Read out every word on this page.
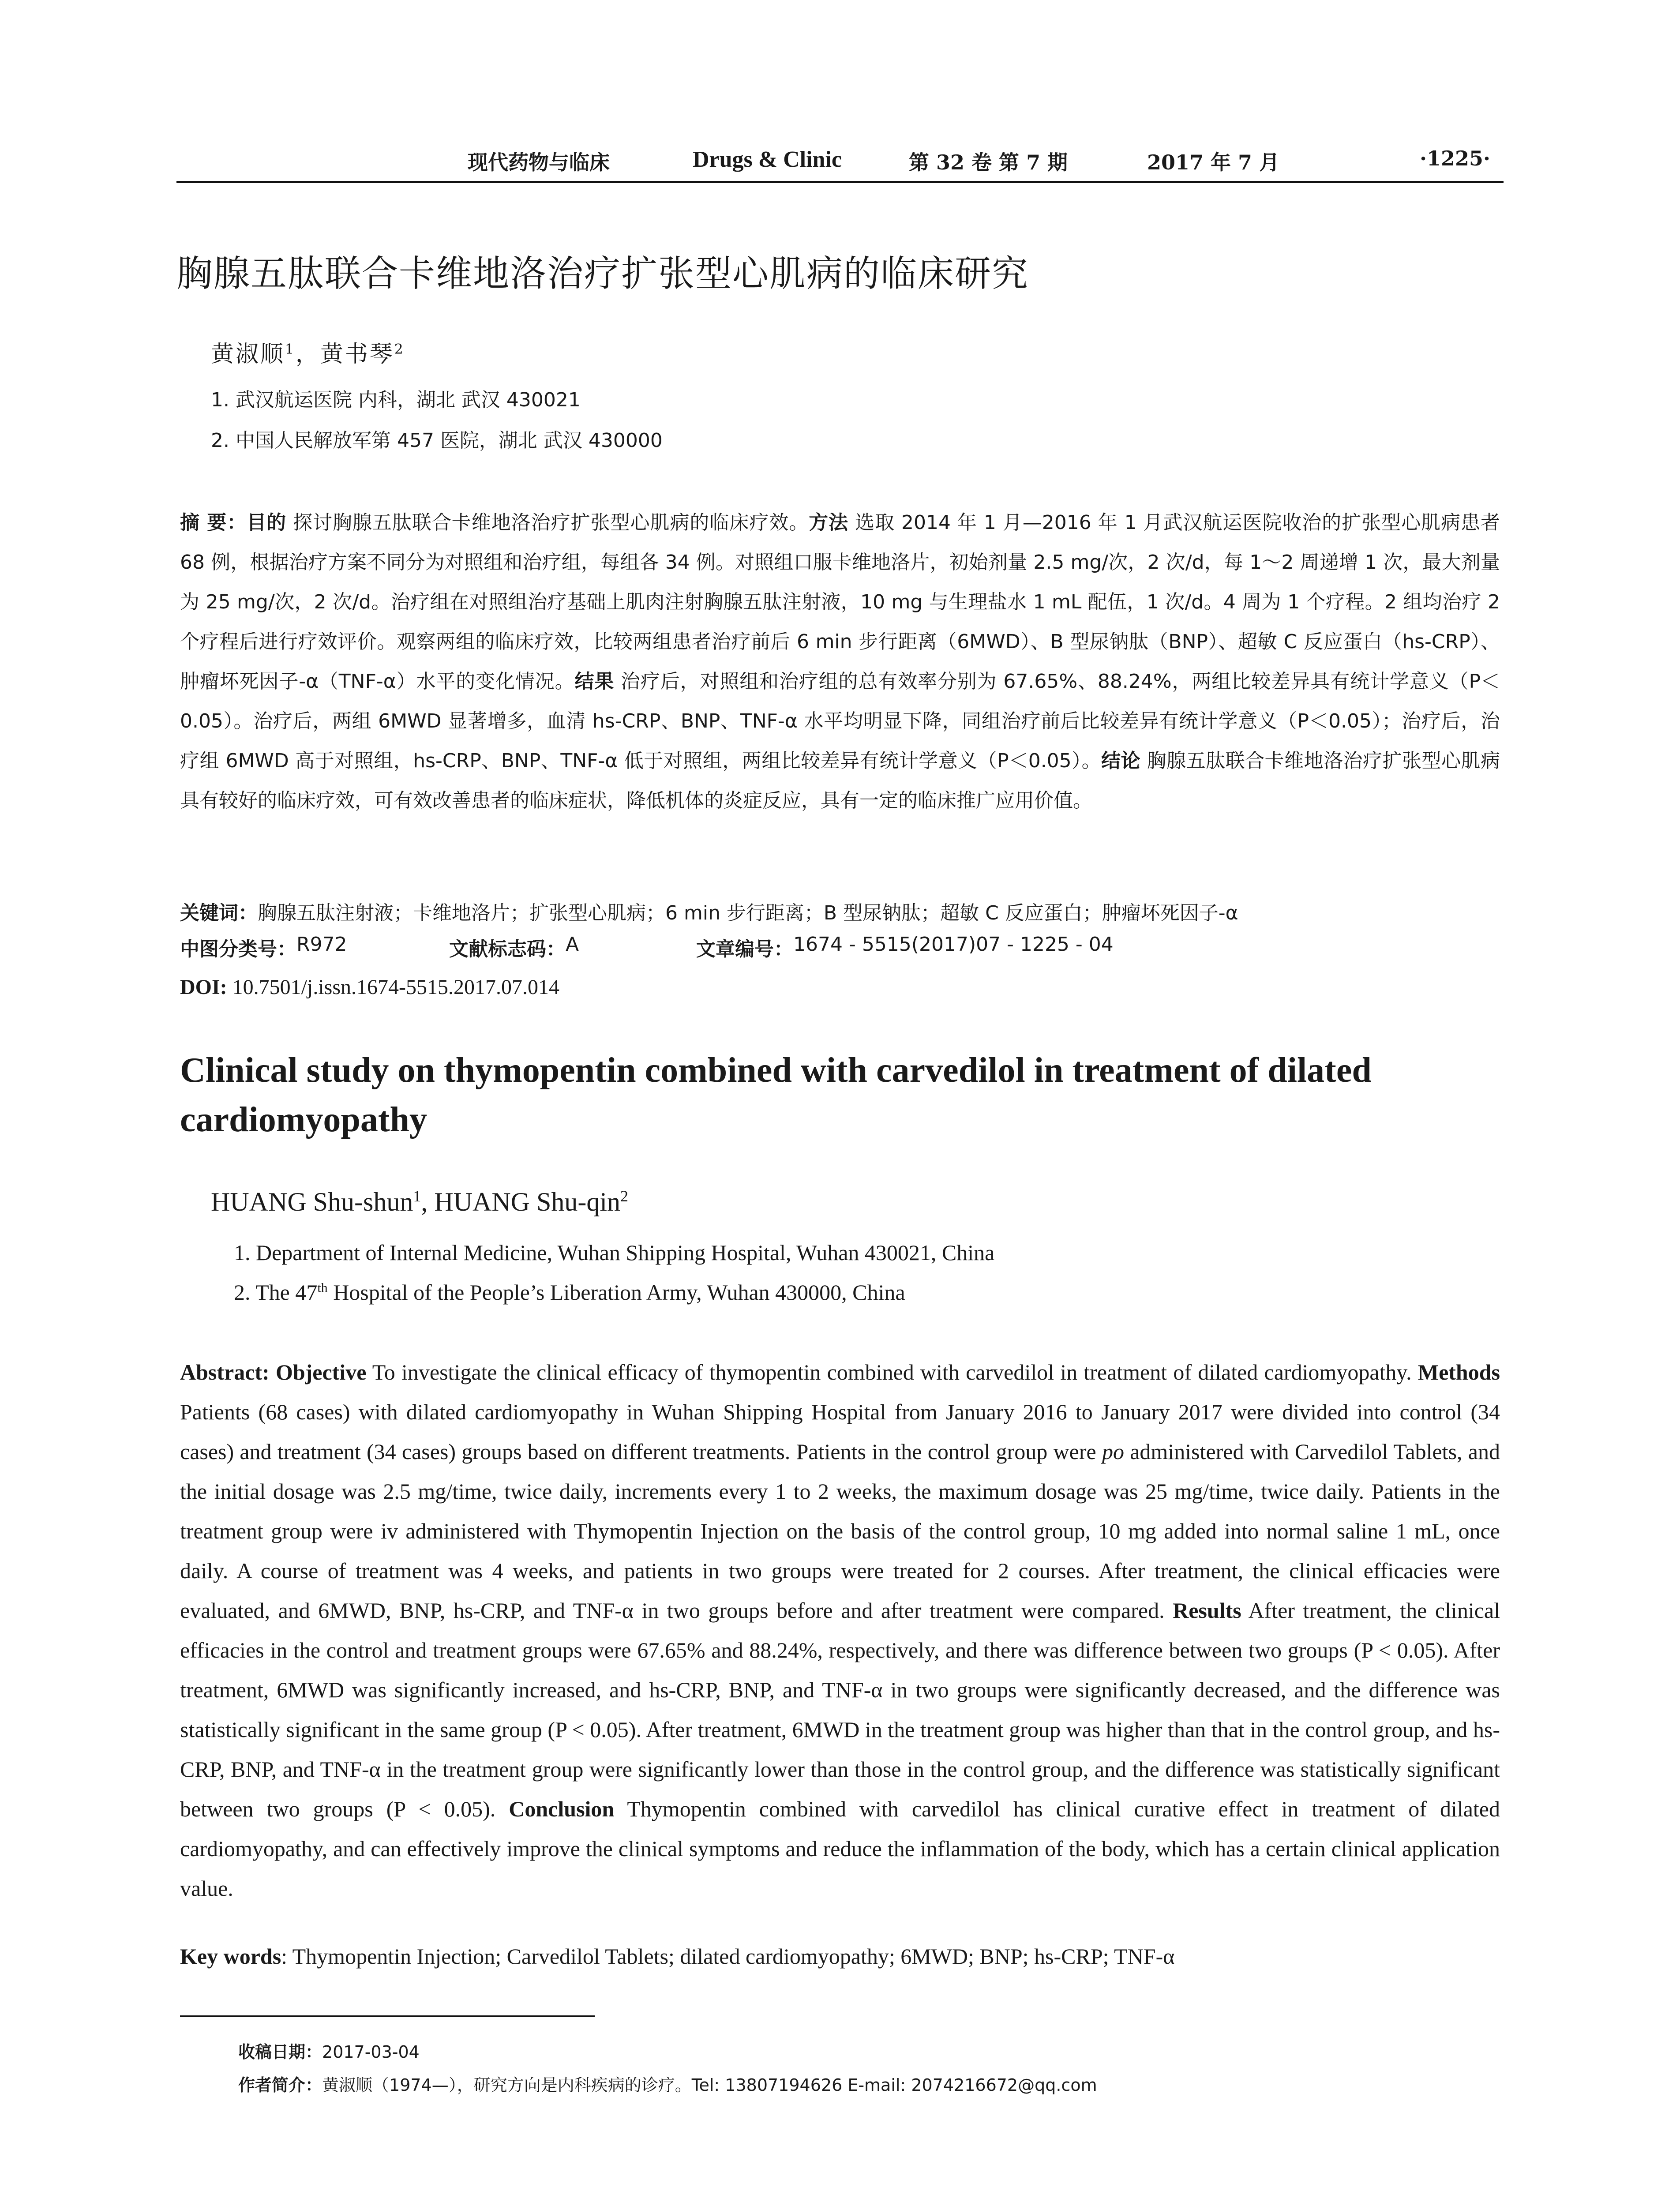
现代药物与临床	Drugs & Clinic	第 32 卷 第 7 期	2017 年 7 月	·1225·
胸腺五肽联合卡维地洛治疗扩张型心肌病的临床研究
黄淑顺$^1$，黄书琴$^2$
1. 武汉航运医院 内科，湖北 武汉 430021
2. 中国人民解放军第 457 医院，湖北 武汉 430000
摘 要：目的 探讨胸腺五肽联合卡维地洛治疗扩张型心肌病的临床疗效。方法 选取 2014 年 1 月—2016 年 1 月武汉航运医院收治的扩张型心肌病患者 68 例，根据治疗方案不同分为对照组和治疗组，每组各 34 例。对照组口服卡维地洛片，初始剂量 2.5 mg/次，2 次/d，每 1～2 周递增 1 次，最大剂量为 25 mg/次，2 次/d。治疗组在对照组治疗基础上肌肉注射胸腺五肽注射液，10 mg 与生理盐水 1 mL 配伍，1 次/d。4 周为 1 个疗程。2 组均治疗 2 个疗程后进行疗效评价。观察两组的临床疗效，比较两组患者治疗前后 6 min 步行距离（6MWD）、B 型尿钠肽（BNP）、超敏 C 反应蛋白（hs-CRP）、肿瘤坏死因子-α（TNF-α）水平的变化情况。结果 治疗后，对照组和治疗组的总有效率分别为 67.65%、88.24%，两组比较差异具有统计学意义（P＜0.05）。治疗后，两组 6MWD 显著增多，血清 hs-CRP、BNP、TNF-α 水平均明显下降，同组治疗前后比较差异有统计学意义（P＜0.05）；治疗后，治疗组 6MWD 高于对照组，hs-CRP、BNP、TNF-α 低于对照组，两组比较差异有统计学意义（P＜0.05）。结论 胸腺五肽联合卡维地洛治疗扩张型心肌病具有较好的临床疗效，可有效改善患者的临床症状，降低机体的炎症反应，具有一定的临床推广应用价值。
关键词：胸腺五肽注射液；卡维地洛片；扩张型心肌病；6 min 步行距离；B 型尿钠肽；超敏 C 反应蛋白；肿瘤坏死因子-α
中图分类号： R972	文献标志码： A	文章编号： 1674 - 5515(2017)07 - 1225 - 04
DOI: 10.7501/j.issn.1674-5515.2017.07.014
Clinical study on thymopentin combined with carvedilol in treatment of dilated cardiomyopathy
HUANG Shu-shun$^1$, HUANG Shu-qin$^2$
1. Department of Internal Medicine, Wuhan Shipping Hospital, Wuhan 430021, China
2. The 47th Hospital of the People’s Liberation Army, Wuhan 430000, China
Abstract: Objective To investigate the clinical efficacy of thymopentin combined with carvedilol in treatment of dilated cardiomyopathy. Methods Patients (68 cases) with dilated cardiomyopathy in Wuhan Shipping Hospital from January 2016 to January 2017 were divided into control (34 cases) and treatment (34 cases) groups based on different treatments. Patients in the control group were po administered with Carvedilol Tablets, and the initial dosage was 2.5 mg/time, twice daily, increments every 1 to 2 weeks, the maximum dosage was 25 mg/time, twice daily. Patients in the treatment group were iv administered with Thymopentin Injection on the basis of the control group, 10 mg added into normal saline 1 mL, once daily. A course of treatment was 4 weeks, and patients in two groups were treated for 2 courses. After treatment, the clinical efficacies were evaluated, and 6MWD, BNP, hs-CRP, and TNF-α in two groups before and after treatment were compared. Results After treatment, the clinical efficacies in the control and treatment groups were 67.65% and 88.24%, respectively, and there was difference between two groups (P < 0.05). After treatment, 6MWD was significantly increased, and hs-CRP, BNP, and TNF-α in two groups were significantly decreased, and the difference was statistically significant in the same group (P < 0.05). After treatment, 6MWD in the treatment group was higher than that in the control group, and hs-CRP, BNP, and TNF-α in the treatment group were significantly lower than those in the control group, and the difference was statistically significant between two groups (P < 0.05). Conclusion Thymopentin combined with carvedilol has clinical curative effect in treatment of dilated cardiomyopathy, and can effectively improve the clinical symptoms and reduce the inflammation of the body, which has a certain clinical application value.
Key words: Thymopentin Injection; Carvedilol Tablets; dilated cardiomyopathy; 6MWD; BNP; hs-CRP; TNF-α
收稿日期：2017-03-04
作者简介：黄淑顺（1974—），研究方向是内科疾病的诊疗。Tel: 13807194626 E-mail: 2074216672@qq.com
